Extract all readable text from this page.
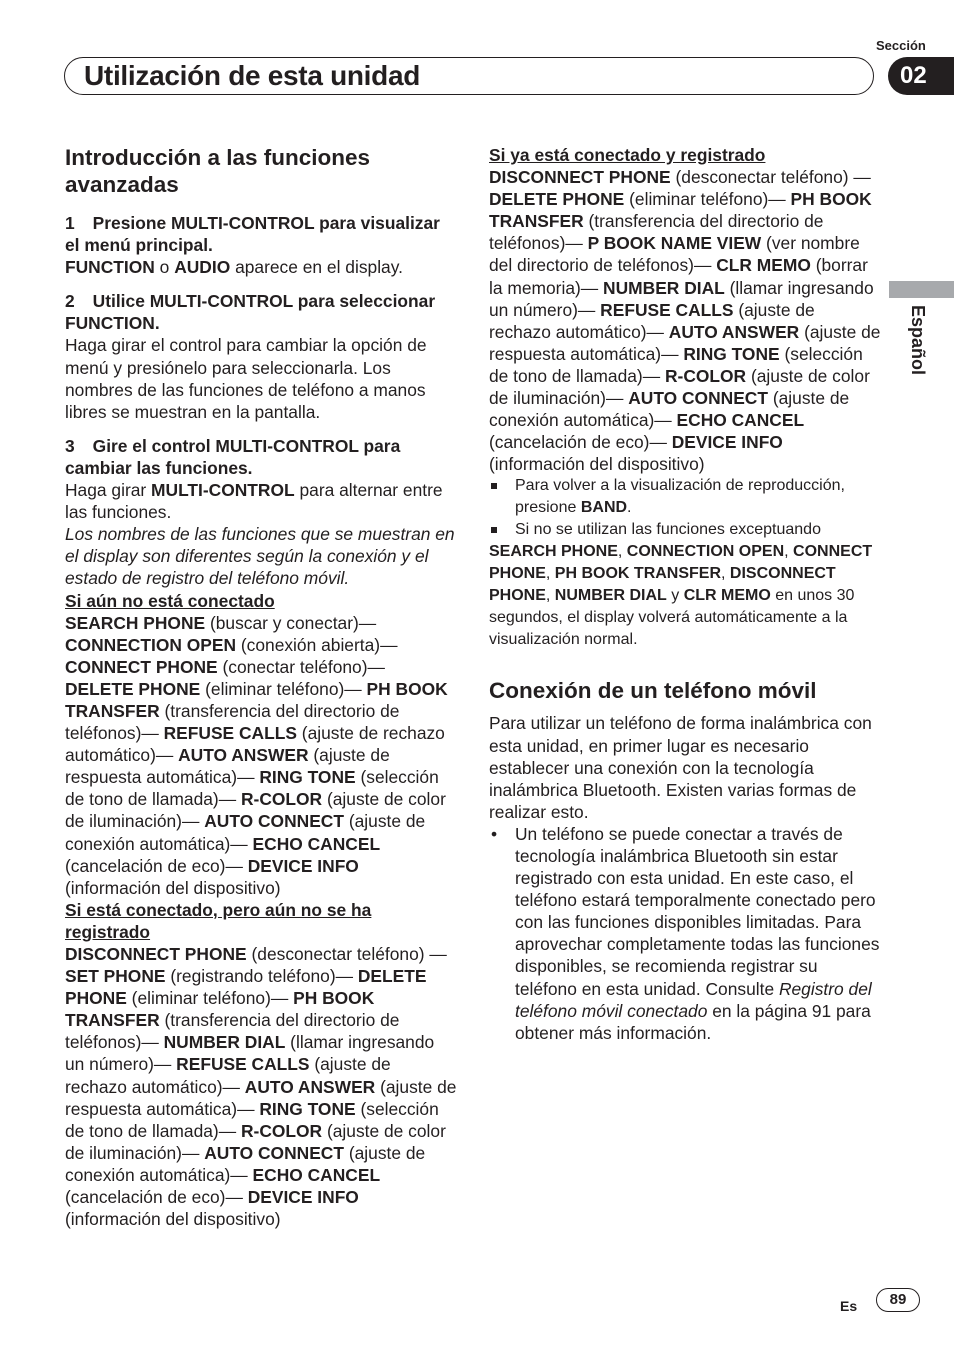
Sección
Utilización de esta unidad	02
Español
Introducción a las funciones avanzadas
1 Presione MULTI-CONTROL para visualizar el menú principal.

FUNCTION o AUDIO aparece en el display.

2 Utilice MULTI-CONTROL para seleccionar FUNCTION.

Haga girar el control para cambiar la opción de menú y presiónelo para seleccionarla. Los nombres de las funciones de teléfono a manos libres se muestran en la pantalla.

3 Gire el control MULTI-CONTROL para cambiar las funciones.

Haga girar MULTI-CONTROL para alternar entre las funciones.

Los nombres de las funciones que se muestran en el display son diferentes según la conexión y el estado de registro del teléfono móvil.

Si aún no está conectado

SEARCH PHONE (buscar y conectar)— CONNECTION OPEN (conexión abierta)— CONNECT PHONE (conectar teléfono)— DELETE PHONE (eliminar teléfono)— PH BOOK TRANSFER (transferencia del directorio de teléfonos)— REFUSE CALLS (ajuste de rechazo automático)— AUTO ANSWER (ajuste de respuesta automática)— RING TONE (selección de tono de llamada)— R-COLOR (ajuste de color de iluminación)— AUTO CONNECT (ajuste de conexión automática)— ECHO CANCEL (cancelación de eco)— DEVICE INFO (información del dispositivo)

Si está conectado, pero aún no se ha registrado

DISCONNECT PHONE (desconectar teléfono) — SET PHONE (registrando teléfono)— DELETE PHONE (eliminar teléfono)— PH BOOK TRANSFER (transferencia del directorio de teléfonos)— NUMBER DIAL (llamar ingresando un número)— REFUSE CALLS (ajuste de rechazo automático)— AUTO ANSWER (ajuste de respuesta automática)— RING TONE (selección de tono de llamada)— R-COLOR (ajuste de color de iluminación)— AUTO CONNECT (ajuste de conexión automática)— ECHO CANCEL (cancelación de eco)— DEVICE INFO (información del dispositivo)

Si ya está conectado y registrado

DISCONNECT PHONE (desconectar teléfono) — DELETE PHONE (eliminar teléfono)— PH BOOK TRANSFER (transferencia del directorio de teléfonos)— P BOOK NAME VIEW (ver nombre del directorio de teléfonos)— CLR MEMO (borrar la memoria)— NUMBER DIAL (llamar ingresando un número)— REFUSE CALLS (ajuste de rechazo automático)— AUTO ANSWER (ajuste de respuesta automática)— RING TONE (selección de tono de llamada)— R-COLOR (ajuste de color de iluminación)— AUTO CONNECT (ajuste de conexión automática)— ECHO CANCEL (cancelación de eco)— DEVICE INFO (información del dispositivo)

Para volver a la visualización de reproducción, presione BAND.
Si no se utilizan las funciones exceptuando

SEARCH PHONE, CONNECTION OPEN, CONNECT PHONE, PH BOOK TRANSFER, DISCONNECT PHONE, NUMBER DIAL y CLR MEMO en unos 30 segundos, el display volverá automáticamente a la visualización normal.

Conexión de un teléfono móvil

Para utilizar un teléfono de forma inalámbrica con esta unidad, en primer lugar es necesario establecer una conexión con la tecnología inalámbrica Bluetooth. Existen varias formas de realizar esto.

• Un teléfono se puede conectar a través de tecnología inalámbrica Bluetooth sin estar registrado con esta unidad. En este caso, el teléfono estará temporalmente conectado pero con las funciones disponibles limitadas. Para aprovechar completamente todas las funciones disponibles, se recomienda registrar su teléfono en esta unidad. Consulte Registro del teléfono móvil conectado en la página 91 para obtener más información.
Es	89
